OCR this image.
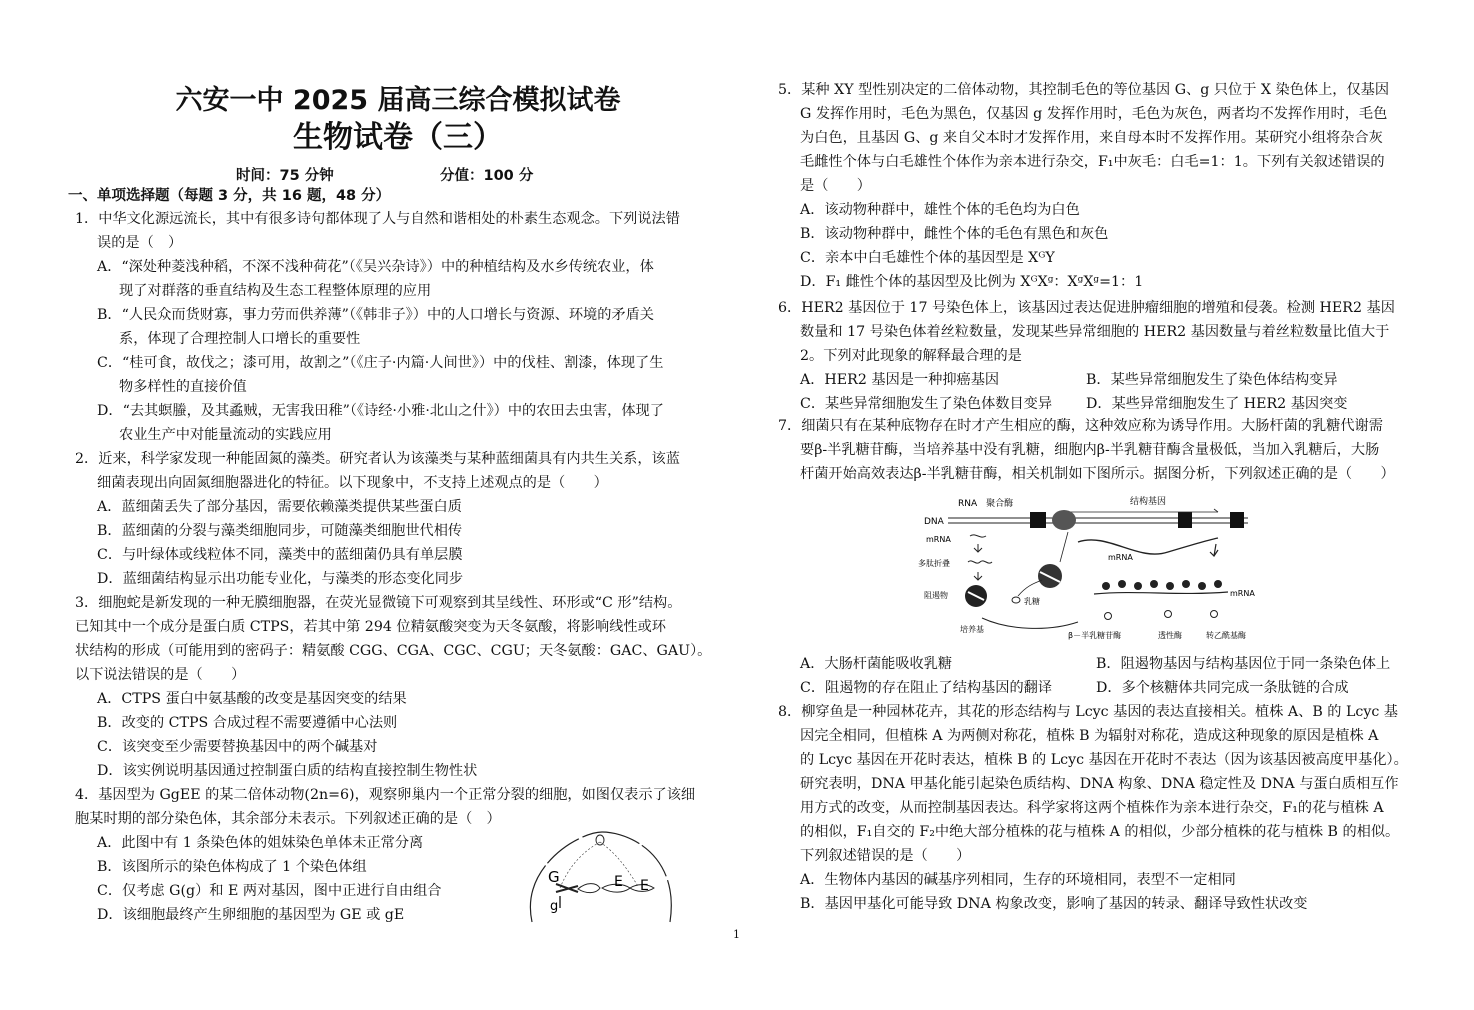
六安一中 2025 届高三综合模拟试卷
生物试卷（三）
时间：75 分钟	分值：100 分
一、单项选择题（每题 3 分，共 16 题，48 分）
1．中华文化源远流长，其中有很多诗句都体现了人与自然和谐相处的朴素生态观念。下列说法错
误的是（　）
A．“深处种菱浅种稻，不深不浅种荷花”（《吴兴杂诗》）中的种植结构及水乡传统农业，体
现了对群落的垂直结构及生态工程整体原理的应用
B．“人民众而货财寡，事力劳而供养薄”（《韩非子》）中的人口增长与资源、环境的矛盾关
系，体现了合理控制人口增长的重要性
C．“桂可食，故伐之；漆可用，故割之”（《庄子·内篇·人间世》）中的伐桂、割漆，体现了生
物多样性的直接价值
D．“去其螟螣，及其蟊贼，无害我田稚”（《诗经·小雅·北山之什》）中的农田去虫害，体现了
农业生产中对能量流动的实践应用
2．近来，科学家发现一种能固氮的藻类。研究者认为该藻类与某种蓝细菌具有内共生关系，该蓝
细菌表现出向固氮细胞器进化的特征。以下现象中，不支持上述观点的是（　　）
A．蓝细菌丢失了部分基因，需要依赖藻类提供某些蛋白质
B．蓝细菌的分裂与藻类细胞同步，可随藻类细胞世代相传
C．与叶绿体或线粒体不同，藻类中的蓝细菌仍具有单层膜
D．蓝细菌结构显示出功能专业化，与藻类的形态变化同步
3．细胞蛇是新发现的一种无膜细胞器，在荧光显微镜下可观察到其呈线性、环形或“C 形”结构。
已知其中一个成分是蛋白质 CTPS，若其中第 294 位精氨酸突变为天冬氨酸，将影响线性或环
状结构的形成（可能用到的密码子：精氨酸 CGG、CGA、CGC、CGU；天冬氨酸：GAC、GAU）。
以下说法错误的是（　　）
A．CTPS 蛋白中氨基酸的改变是基因突变的结果
B．改变的 CTPS 合成过程不需要遵循中心法则
C．该突变至少需要替换基因中的两个碱基对
D．该实例说明基因通过控制蛋白质的结构直接控制生物性状
4．基因型为 GgEE 的某二倍体动物(2n=6)，观察卵巢内一个正常分裂的细胞，如图仅表示了该细
胞某时期的部分染色体，其余部分未表示。下列叙述正确的是（　）
A．此图中有 1 条染色体的姐妹染色单体未正常分离
B．该图所示的染色体构成了 1 个染色体组
C．仅考虑 G(g）和 E 两对基因，图中正进行自由组合
D．该细胞最终产生卵细胞的基因型为 GE 或 gE
G
g
E E
5．某种 XY 型性别决定的二倍体动物，其控制毛色的等位基因 G、g 只位于 X 染色体上，仅基因
G 发挥作用时，毛色为黑色，仅基因 g 发挥作用时，毛色为灰色，两者均不发挥作用时，毛色
为白色，且基因 G、g 来自父本时才发挥作用，来自母本时不发挥作用。某研究小组将杂合灰
毛雌性个体与白毛雄性个体作为亲本进行杂交，F₁中灰毛：白毛=1：1。下列有关叙述错误的
是（　　）
A．该动物种群中，雄性个体的毛色均为白色
B．该动物种群中，雌性个体的毛色有黑色和灰色
C．亲本中白毛雄性个体的基因型是 XᴳY
D．F₁ 雌性个体的基因型及比例为 XᴳXᵍ：XᵍXᵍ=1：1
6．HER2 基因位于 17 号染色体上，该基因过表达促进肿瘤细胞的增殖和侵袭。检测 HER2 基因
数量和 17 号染色体着丝粒数量，发现某些异常细胞的 HER2 基因数量与着丝粒数量比值大于
2。下列对此现象的解释最合理的是
A．HER2 基因是一种抑癌基因	B．某些异常细胞发生了染色体结构变异
C．某些异常细胞发生了染色体数目变异 D．某些异常细胞发生了 HER2 基因突变
7．细菌只有在某种底物存在时才产生相应的酶，这种效应称为诱导作用。大肠杆菌的乳糖代谢需
要β-半乳糖苷酶，当培养基中没有乳糖，细胞内β-半乳糖苷酶含量极低，当加入乳糖后，大肠
杆菌开始高效表达β-半乳糖苷酶，相关机制如下图所示。据图分析，下列叙述正确的是（　　）
RNA　聚合酶	结构基因
DNA
mRNA
多肽折叠
阻遏物
乳糖
培养基
mRNA
mRNA
β－半乳糖苷酶	透性酶	转乙酰基酶
A．大肠杆菌能吸收乳糖	B．阻遏物基因与结构基因位于同一条染色体上
C．阻遏物的存在阻止了结构基因的翻译	D．多个核糖体共同完成一条肽链的合成
8．柳穿鱼是一种园林花卉，其花的形态结构与 Lcyc 基因的表达直接相关。植株 A、B 的 Lcyc 基
因完全相同，但植株 A 为两侧对称花，植株 B 为辐射对称花，造成这种现象的原因是植株 A
的 Lcyc 基因在开花时表达，植株 B 的 Lcyc 基因在开花时不表达（因为该基因被高度甲基化）。
研究表明，DNA 甲基化能引起染色质结构、DNA 构象、DNA 稳定性及 DNA 与蛋白质相互作
用方式的改变，从而控制基因表达。科学家将这两个植株作为亲本进行杂交，F₁的花与植株 A
的相似，F₁自交的 F₂中绝大部分植株的花与植株 A 的相似，少部分植株的花与植株 B 的相似。
下列叙述错误的是（　　）
A．生物体内基因的碱基序列相同，生存的环境相同，表型不一定相同
B．基因甲基化可能导致 DNA 构象改变，影响了基因的转录、翻译导致性状改变
1
